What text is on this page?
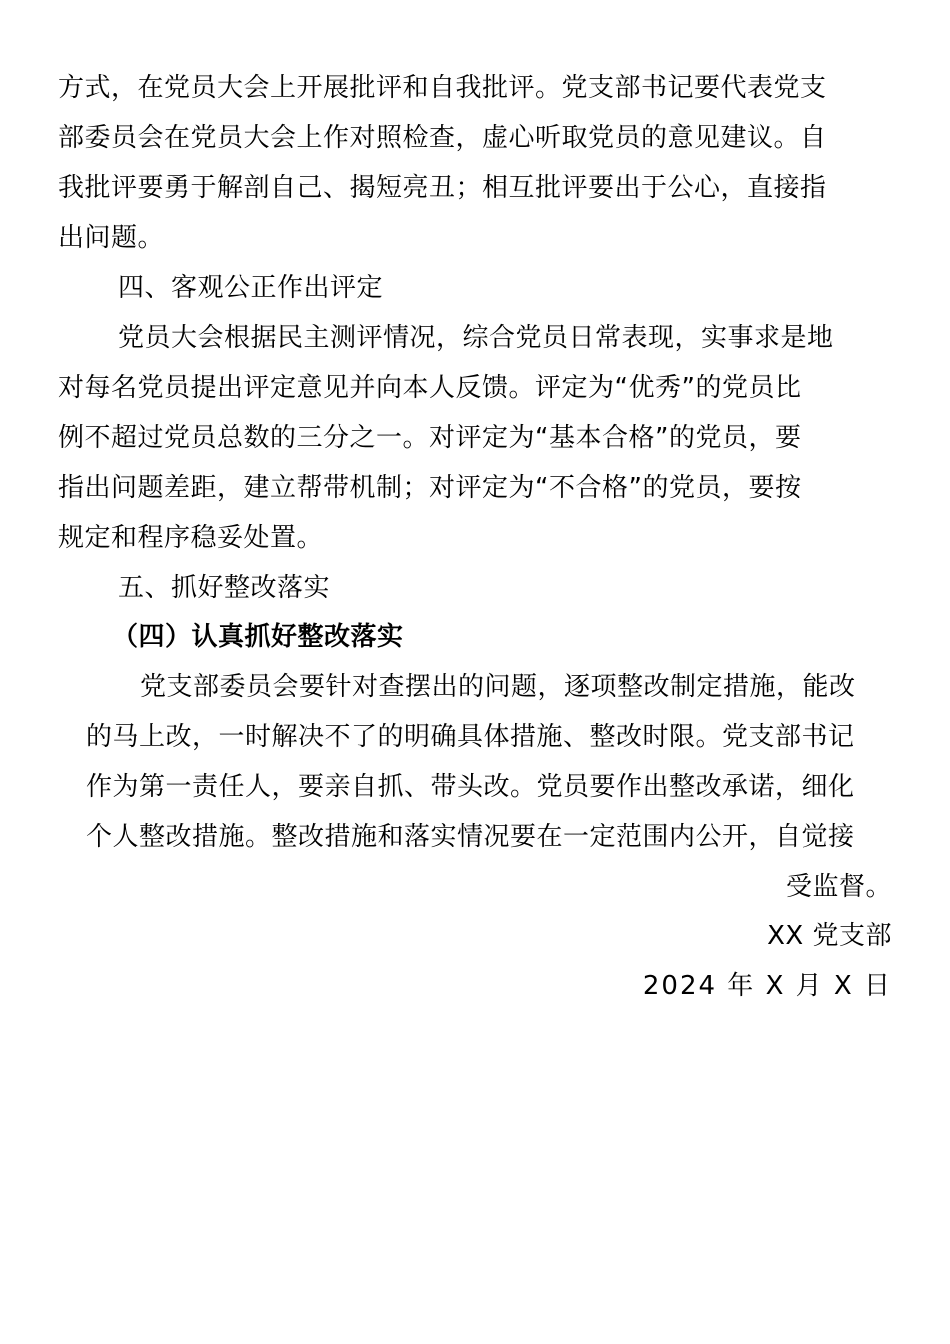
方式，在党员大会上开展批评和自我批评。党支部书记要代表党支
部委员会在党员大会上作对照检查，虚心听取党员的意见建议。自
我批评要勇于解剖自己、揭短亮丑；相互批评要出于公心，直接指
出问题。
四、客观公正作出评定
党员大会根据民主测评情况，综合党员日常表现，实事求是地
对每名党员提出评定意见并向本人反馈。评定为“优秀”的党员比
例不超过党员总数的三分之一。对评定为“基本合格”的党员，要
指出问题差距，建立帮带机制；对评定为“不合格”的党员，要按
规定和程序稳妥处置。
五、抓好整改落实
（四）认真抓好整改落实
党支部委员会要针对查摆出的问题，逐项整改制定措施，能改
的马上改，一时解决不了的明确具体措施、整改时限。党支部书记
作为第一责任人，要亲自抓、带头改。党员要作出整改承诺，细化
个人整改措施。整改措施和落实情况要在一定范围内公开，自觉接
受监督。
XX 党支部
2024 年 X 月 X 日
